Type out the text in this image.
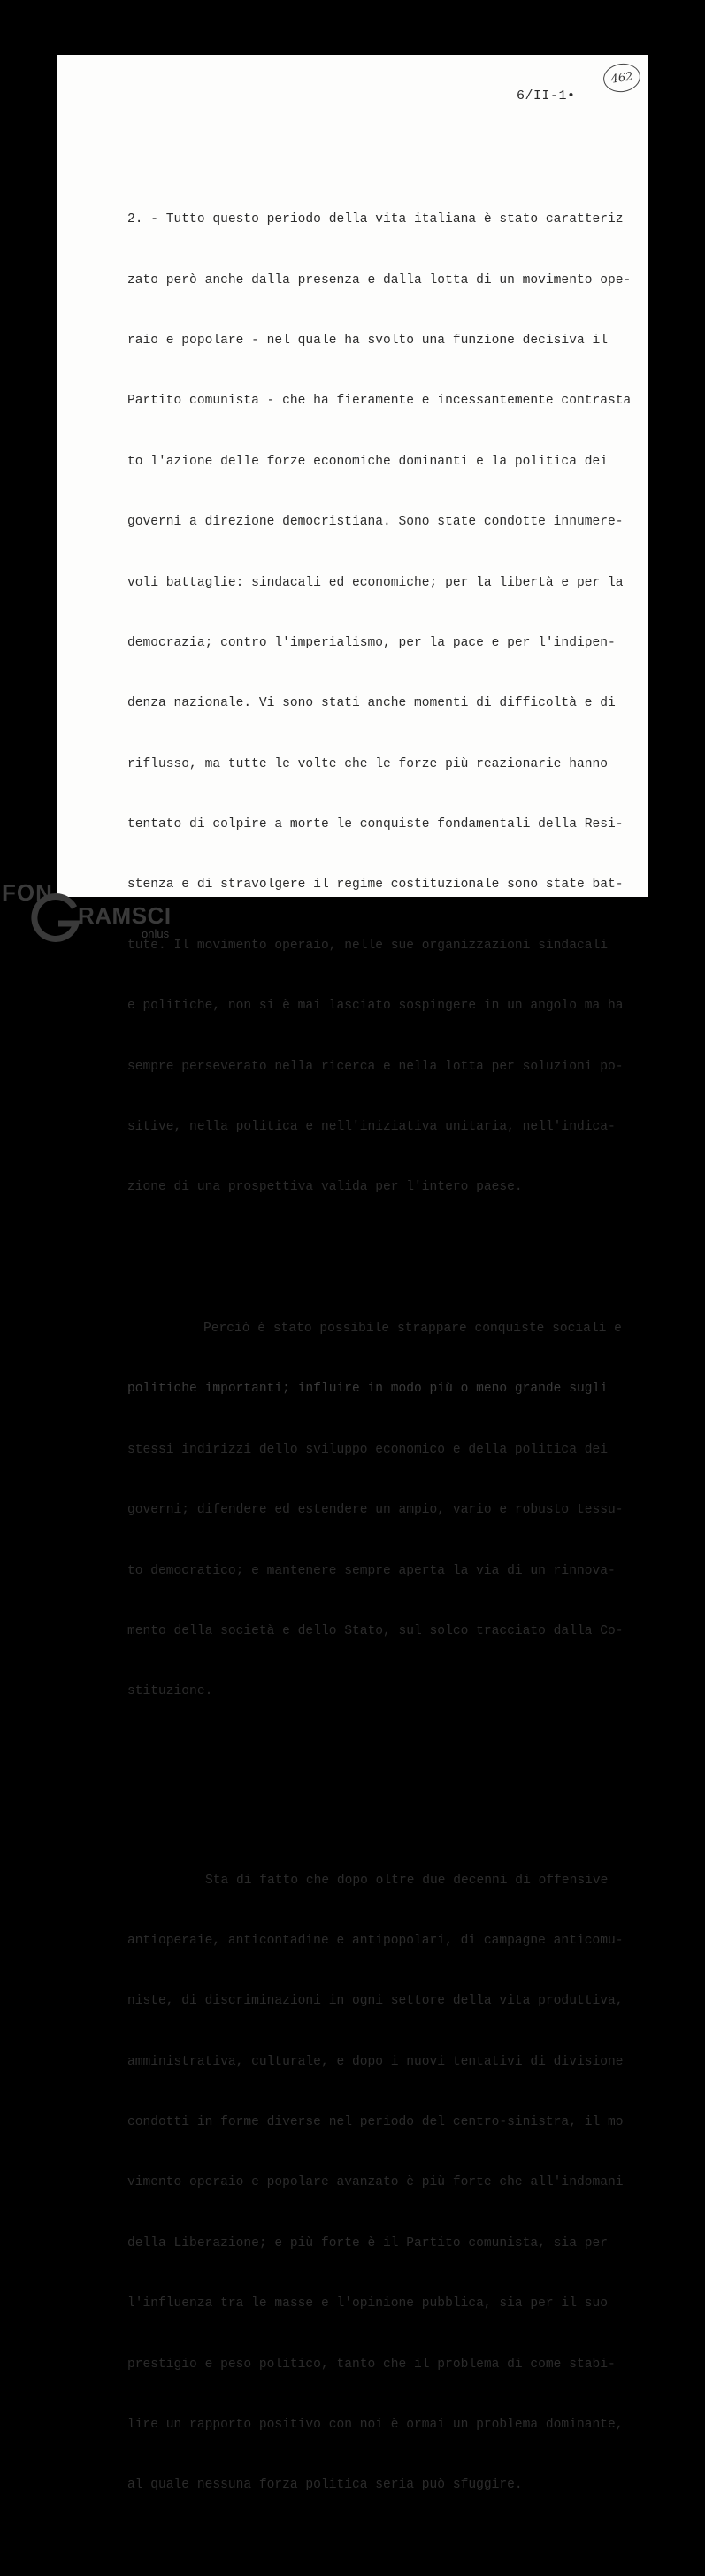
462
6/II-1•

2. - Tutto questo periodo della vita italiana è stato caratteriz

zato però anche dalla presenza e dalla lotta di un movimento ope-

raio e popolare - nel quale ha svolto una funzione decisiva il

Partito comunista - che ha fieramente e incessantemente contrasta

to l'azione delle forze economiche dominanti e la politica dei

governi a direzione democristiana. Sono state condotte innumere-

voli battaglie: sindacali ed economiche; per la libertà e per la

democrazia; contro l'imperialismo, per la pace e per l'indipen-

denza nazionale. Vi sono stati anche momenti di difficoltà e di

riflusso, ma tutte le volte che le forze più reazionarie hanno

tentato di colpire a morte le conquiste fondamentali della Resi-

stenza e di stravolgere il regime costituzionale sono state bat-

tute. Il movimento operaio, nelle sue organizzazioni sindacali

e politiche, non si è mai lasciato sospingere in un angolo ma ha

sempre perseverato nella ricerca e nella lotta per soluzioni po-

sitive, nella politica e nell'iniziativa unitaria, nell'indica-

zione di una prospettiva valida per l'intero paese.

Perciò è stato possibile strappare conquiste sociali e

politiche importanti; influire in modo più o meno grande sugli

stessi indirizzi dello sviluppo economico e della politica dei

governi; difendere ed estendere un ampio, vario e robusto tessu-

to democratico; e mantenere sempre aperta la via di un rinnova-

mento della società e dello Stato, sul solco tracciato dalla Co-

stituzione.

Sta di fatto che dopo oltre due decenni di offensive

antioperaie, anticontadine e antipopolari, di campagne anticomu-

niste, di discriminazioni in ogni settore della vita produttiva,

amministrativa, culturale, e dopo i nuovi tentativi di divisione

condotti in forme diverse nel periodo del centro-sinistra, il mo

vimento operaio e popolare avanzato è più forte che all'indomani

della Liberazione; e più forte è il Partito comunista, sia per

l'influenza tra le masse e l'opinione pubblica, sia per il suo

prestigio e peso politico, tanto che il problema di come stabi-

lire un rapporto positivo con noi è ormai un problema dominante,

al quale nessuna forza politica seria può sfuggire.

FON
RAMSCI
onlus
